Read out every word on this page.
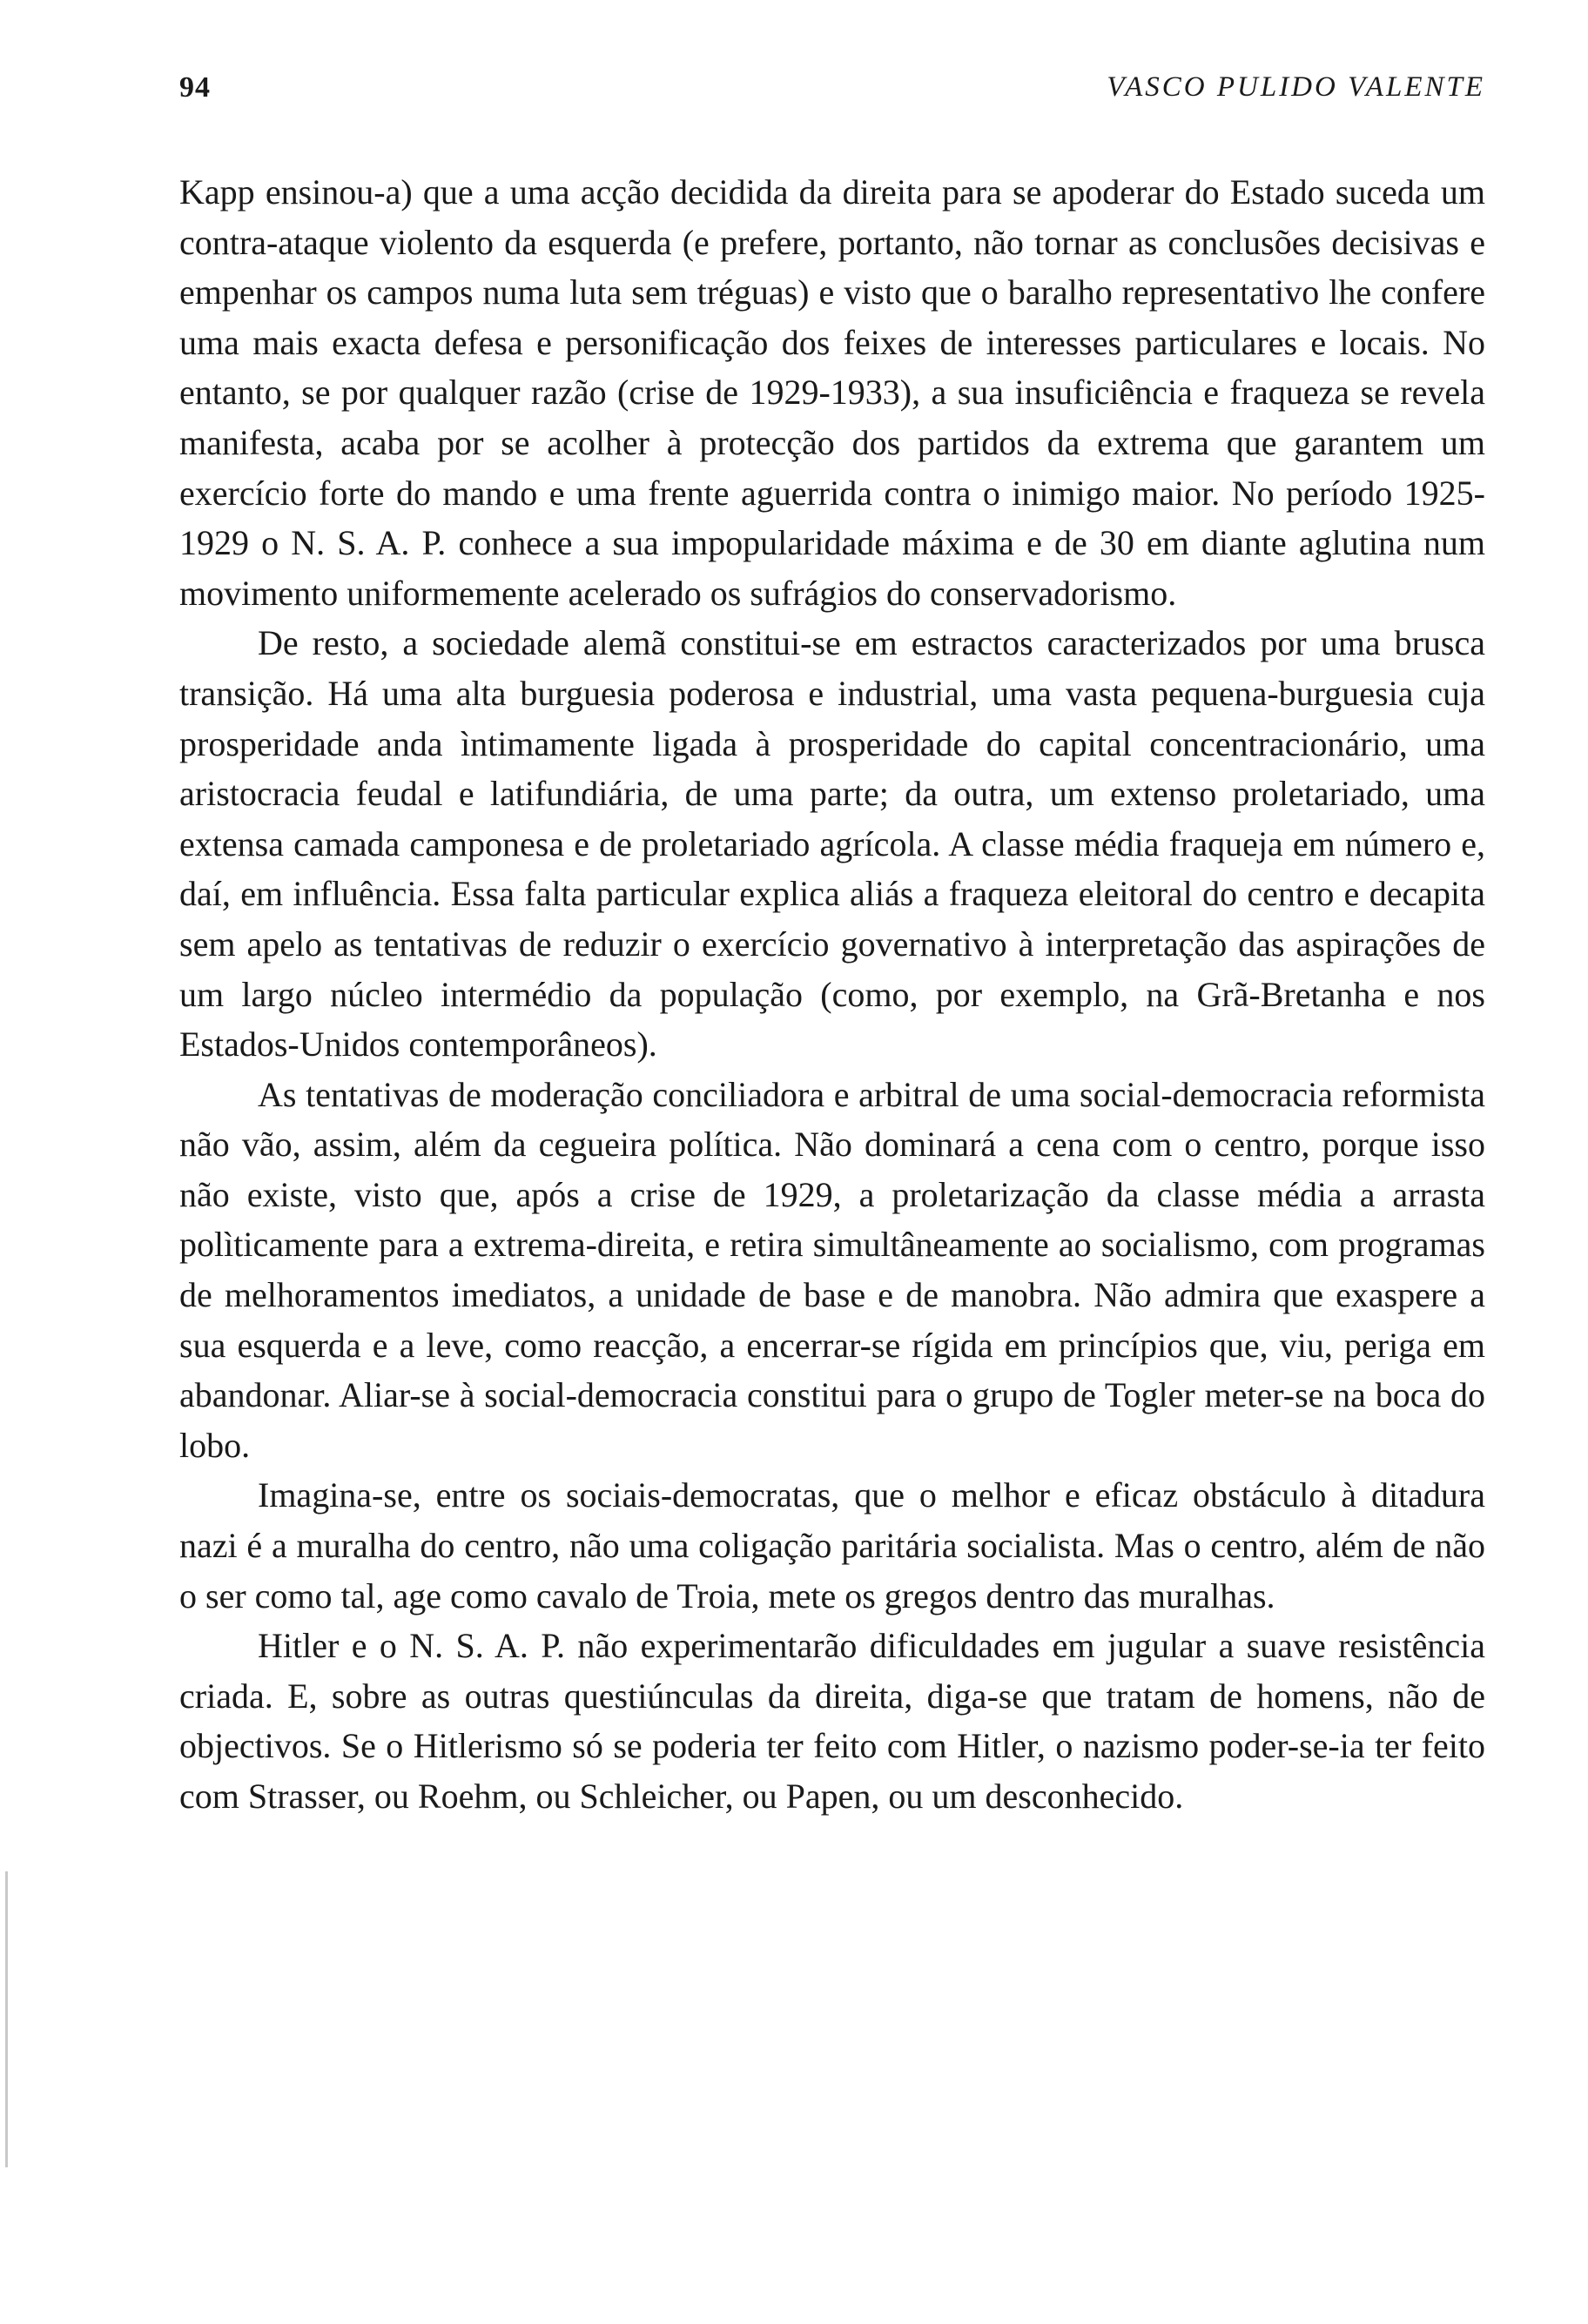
94	VASCO PULIDO VALENTE

Kapp ensinou-a) que a uma acção decidida da direita para se apoderar do Estado suceda um contra-ataque violento da esquerda (e prefere, portanto, não tornar as conclusões decisivas e empenhar os campos numa luta sem tréguas) e visto que o baralho representativo lhe confere uma mais exacta defesa e personificação dos feixes de interesses particulares e locais. No entanto, se por qualquer razão (crise de 1929-1933), a sua insuficiência e fraqueza se revela manifesta, acaba por se acolher à protecção dos partidos da extrema que garantem um exercício forte do mando e uma frente aguerrida contra o inimigo maior. No período 1925-1929 o N. S. A. P. conhece a sua impopularidade máxima e de 30 em diante aglutina num movimento uniformemente acelerado os sufrágios do conservadorismo.

De resto, a sociedade alemã constitui-se em estractos caracterizados por uma brusca transição. Há uma alta burguesia poderosa e industrial, uma vasta pequena-burguesia cuja prosperidade anda ìntimamente ligada à prosperidade do capital concentracionário, uma aristocracia feudal e latifundiária, de uma parte; da outra, um extenso proletariado, uma extensa camada camponesa e de proletariado agrícola. A classe média fraqueja em número e, daí, em influência. Essa falta particular explica aliás a fraqueza eleitoral do centro e decapita sem apelo as tentativas de reduzir o exercício governativo à interpretação das aspirações de um largo núcleo intermédio da população (como, por exemplo, na Grã-Bretanha e nos Estados-Unidos contemporâneos).

As tentativas de moderação conciliadora e arbitral de uma social-democracia reformista não vão, assim, além da cegueira política. Não dominará a cena com o centro, porque isso não existe, visto que, após a crise de 1929, a proletarização da classe média a arrasta polìticamente para a extrema-direita, e retira simultâneamente ao socialismo, com programas de melhoramentos imediatos, a unidade de base e de manobra. Não admira que exaspere a sua esquerda e a leve, como reacção, a encerrar-se rígida em princípios que, viu, periga em abandonar. Aliar-se à social-democracia constitui para o grupo de Togler meter-se na boca do lobo.

Imagina-se, entre os sociais-democratas, que o melhor e eficaz obstáculo à ditadura nazi é a muralha do centro, não uma coligação paritária socialista. Mas o centro, além de não o ser como tal, age como cavalo de Troia, mete os gregos dentro das muralhas.

Hitler e o N. S. A. P. não experimentarão dificuldades em jugular a suave resistência criada. E, sobre as outras questiúnculas da direita, diga-se que tratam de homens, não de objectivos. Se o Hitlerismo só se poderia ter feito com Hitler, o nazismo poder-se-ia ter feito com Strasser, ou Roehm, ou Schleicher, ou Papen, ou um desconhecido.
